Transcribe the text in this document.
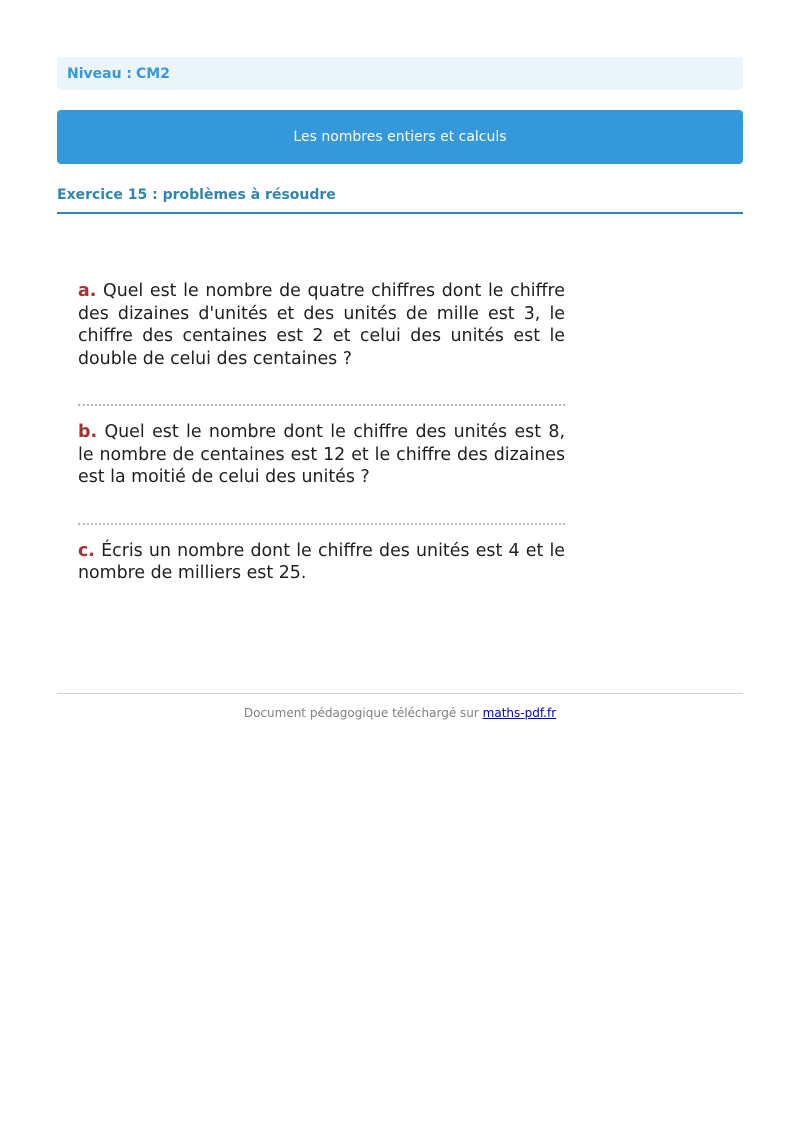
Niveau : CM2
Les nombres entiers et calculs
Exercice 15 : problèmes à résoudre

a. Quel est le nombre de quatre chiffres dont le chiffre des dizaines d'unités et des unités de mille est 3, le chiffre des centaines est 2 et celui des unités est le double de celui des centaines ?

b. Quel est le nombre dont le chiffre des unités est 8, le nombre de centaines est 12 et le chiffre des dizaines est la moitié de celui des unités ?

c. Écris un nombre dont le chiffre des unités est 4 et le nombre de milliers est 25.

Document pédagogique téléchargé sur maths-pdf.fr
